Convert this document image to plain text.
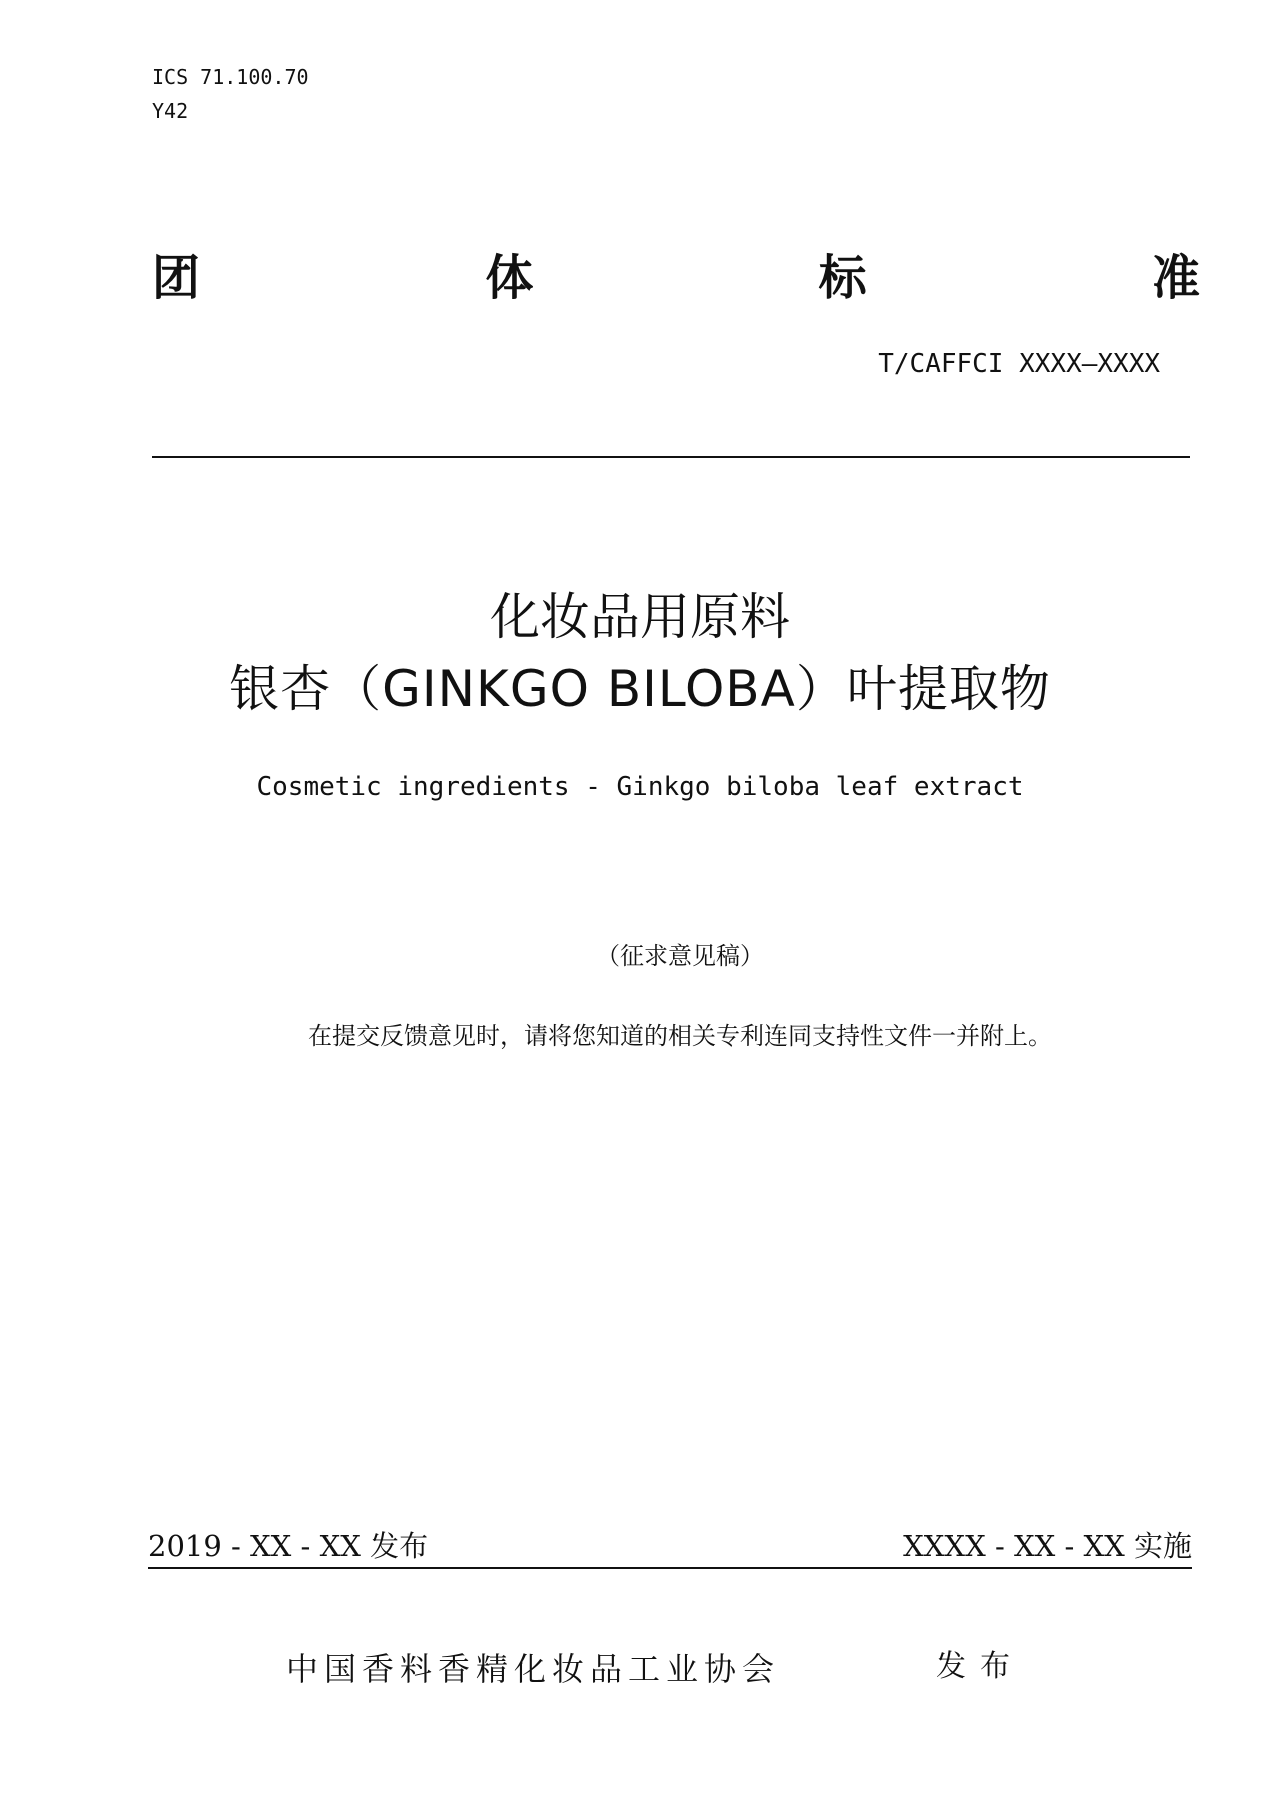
ICS 71.100.70
Y42
团	体	标	准
T/CAFFCI XXXX—XXXX
化妆品用原料
银杏（GINKGO BILOBA）叶提取物
Cosmetic ingredients - Ginkgo biloba leaf extract
（征求意见稿）
在提交反馈意见时，请将您知道的相关专利连同支持性文件一并附上。
2019 - XX - XX 发布	XXXX - XX - XX 实施
中国香料香精化妆品工业协会	发布
